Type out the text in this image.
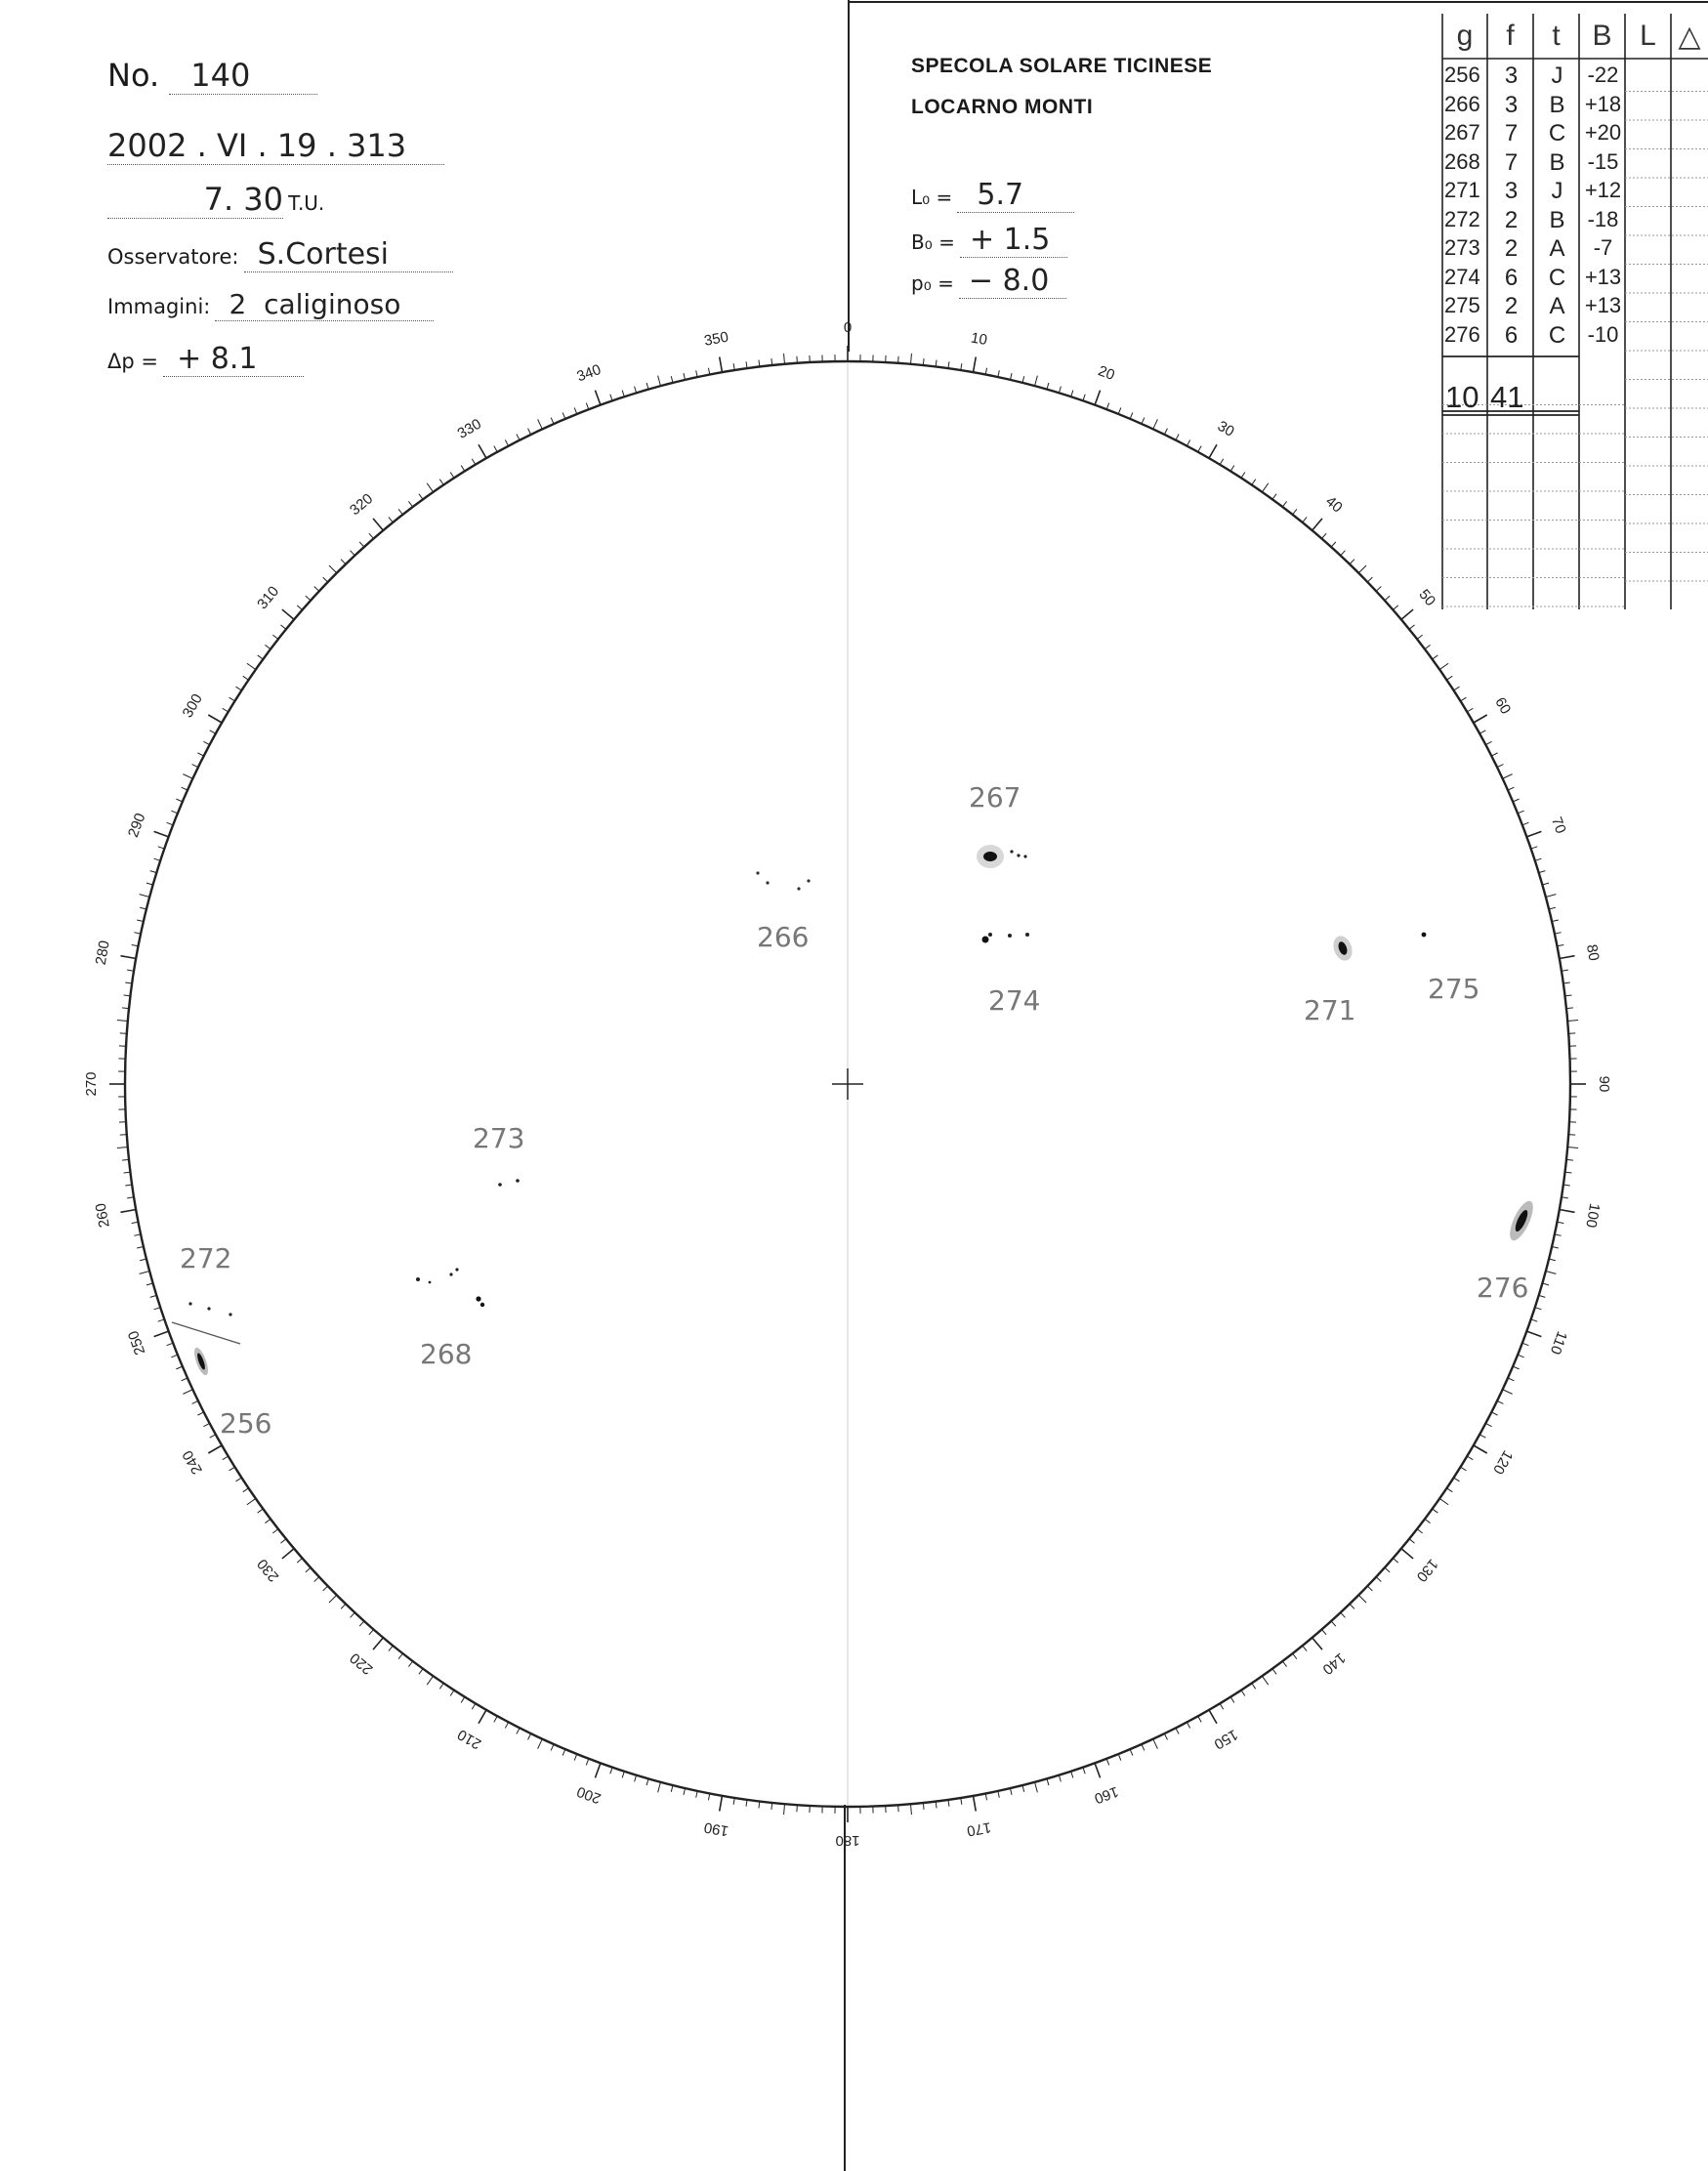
No. 140
2002 . VI . 19 . 313
7. 30 T.U.
Osservatore: S.Cortesi
Immagini: 2  caliginoso
Δp = + 8.1
SPECOLA SOLARE TICINESE
LOCARNO MONTI
L₀ = 5.7
B₀ = + 1.5
p₀ = − 8.0
0
10
20
30
40
50
60
70
80
90
100
110
120
130
140
150
160
170
180
190
200
210
220
230
240
250
260
270
280
290
300
310
320
330
340
350
267
266
274	271
275
273
272
268
256
276
g	f	t	B L △
256	3	J	-22
266	3	B +18
267	7	C +20
268	7	B	-15
271	3	J	+12
272	2	B	-18
273	2	A	-7
274	6	C +13
275	2	A +13
276	6	C	-10
10 41
